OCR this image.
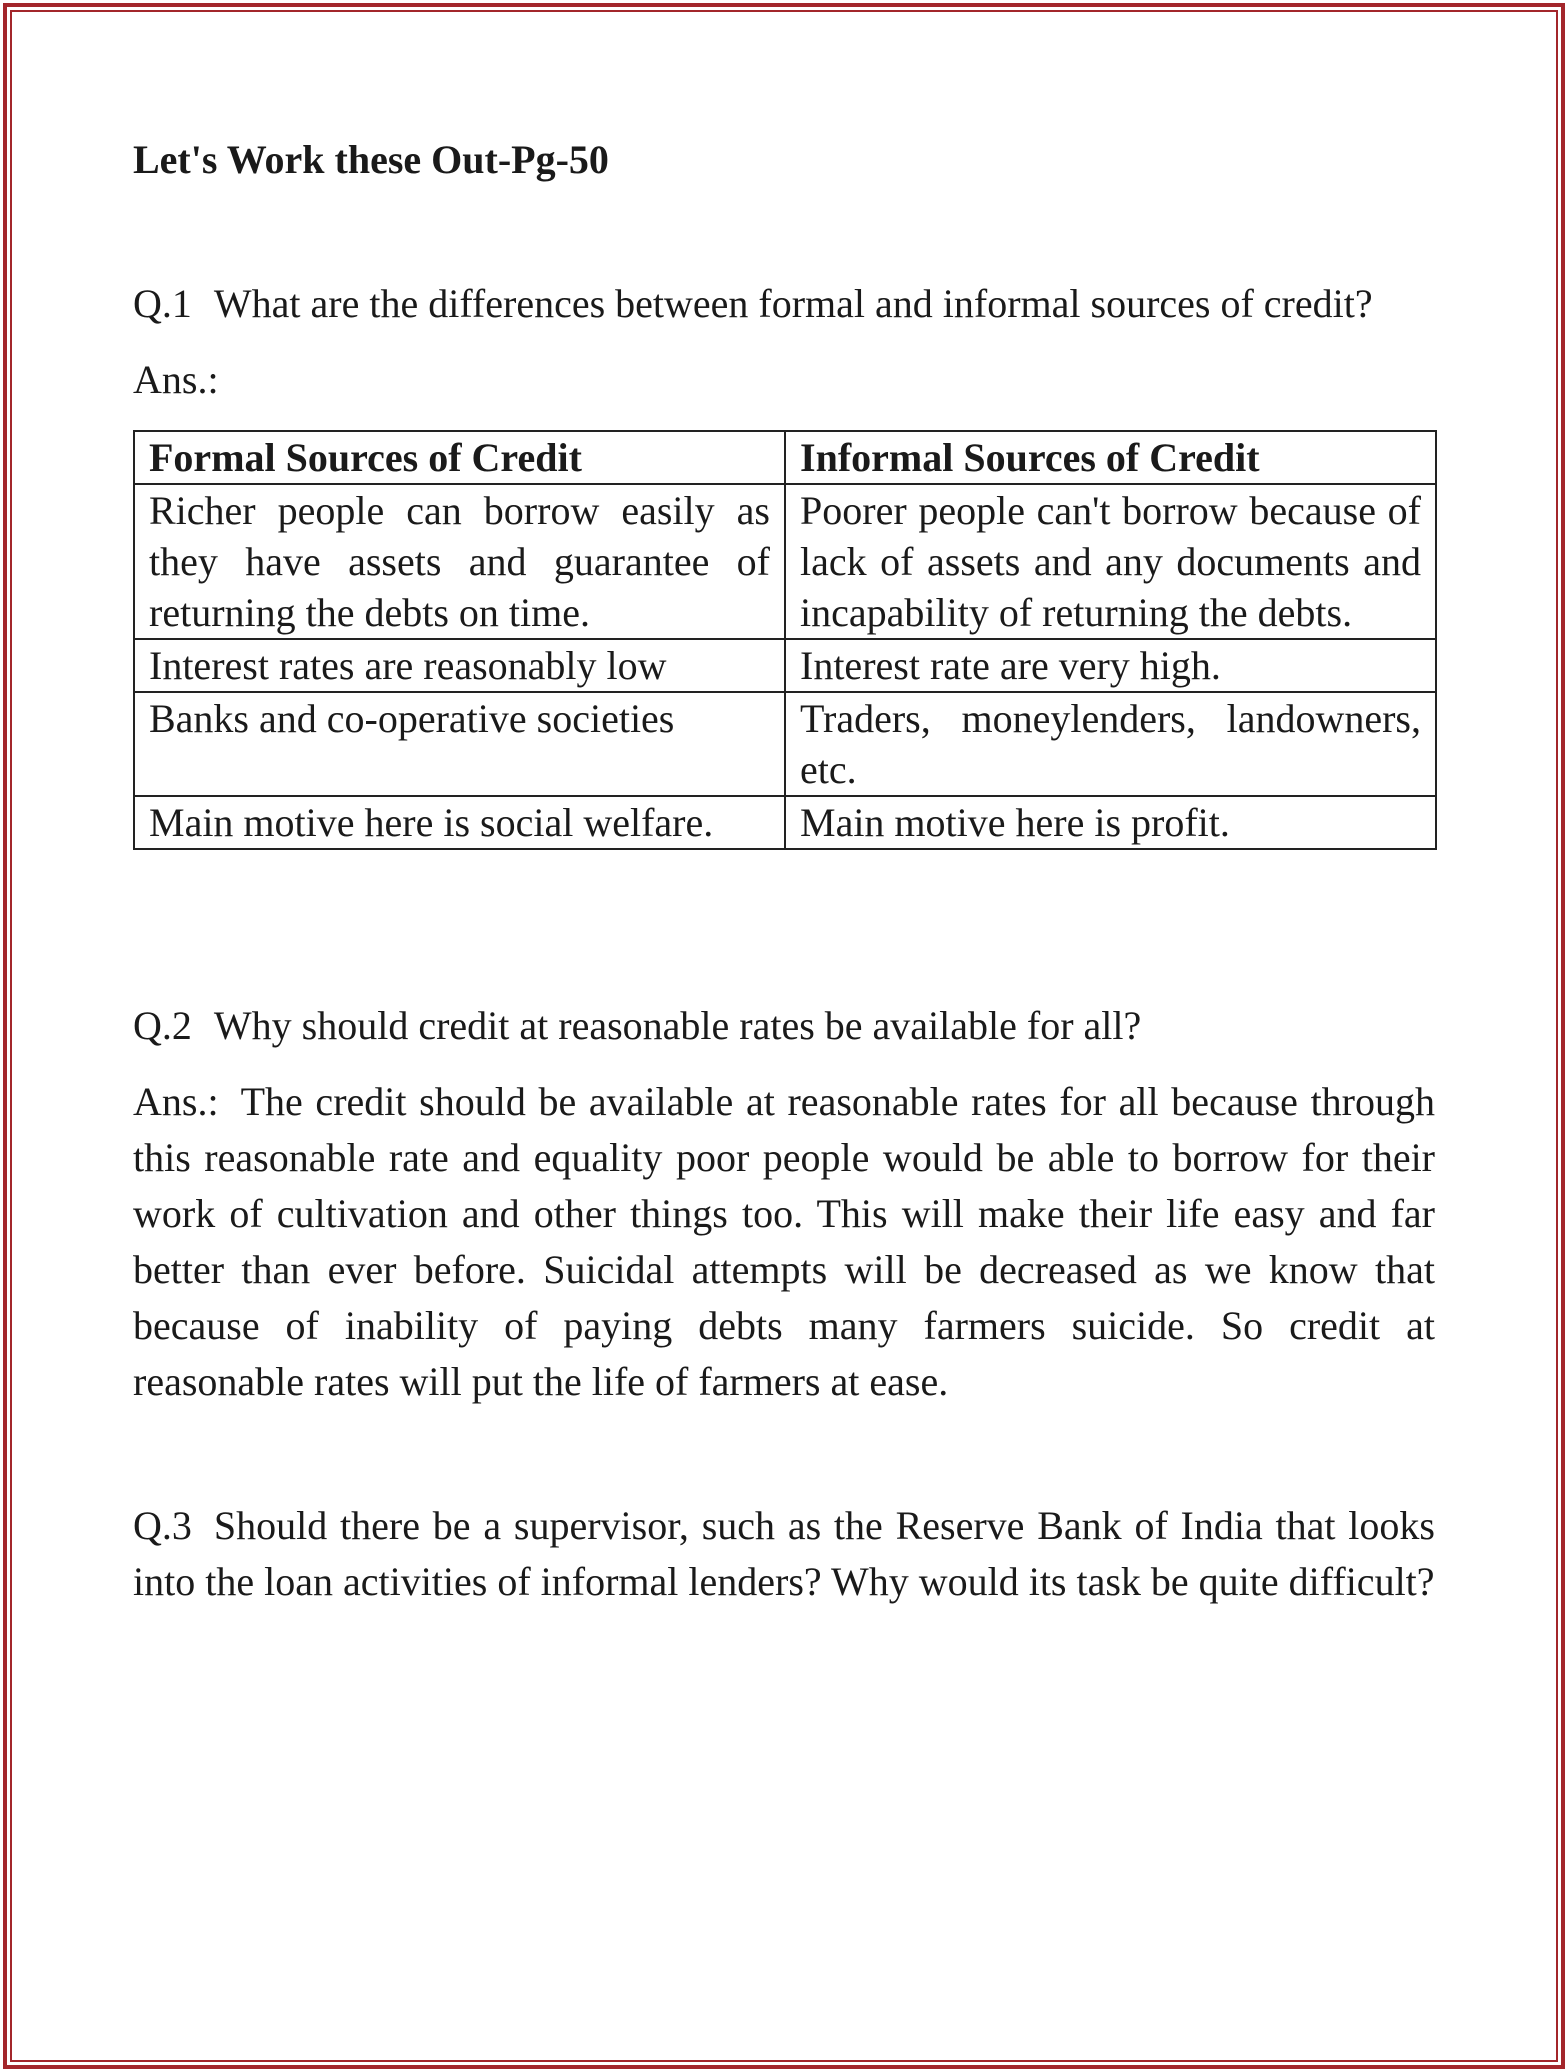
Let's Work these Out-Pg-50

Q.1 What are the differences between formal and informal sources of credit?

Ans.:

Formal Sources of Credit	Informal Sources of Credit
Richer people can borrow easily as they have assets and guarantee of returning the debts on time.	Poorer people can't borrow because of lack of assets and any documents and incapability of returning the debts.
Interest rates are reasonably low	Interest rate are very high.
Banks and co-operative societies	Traders, moneylenders, landowners, etc.
Main motive here is social welfare.	Main motive here is profit.

Q.2 Why should credit at reasonable rates be available for all?

Ans.: The credit should be available at reasonable rates for all because through this reasonable rate and equality poor people would be able to borrow for their work of cultivation and other things too. This will make their life easy and far better than ever before. Suicidal attempts will be decreased as we know that because of inability of paying debts many farmers suicide. So credit at reasonable rates will put the life of farmers at ease.

Q.3 Should there be a supervisor, such as the Reserve Bank of India that looks into the loan activities of informal lenders? Why would its task be quite difficult?
